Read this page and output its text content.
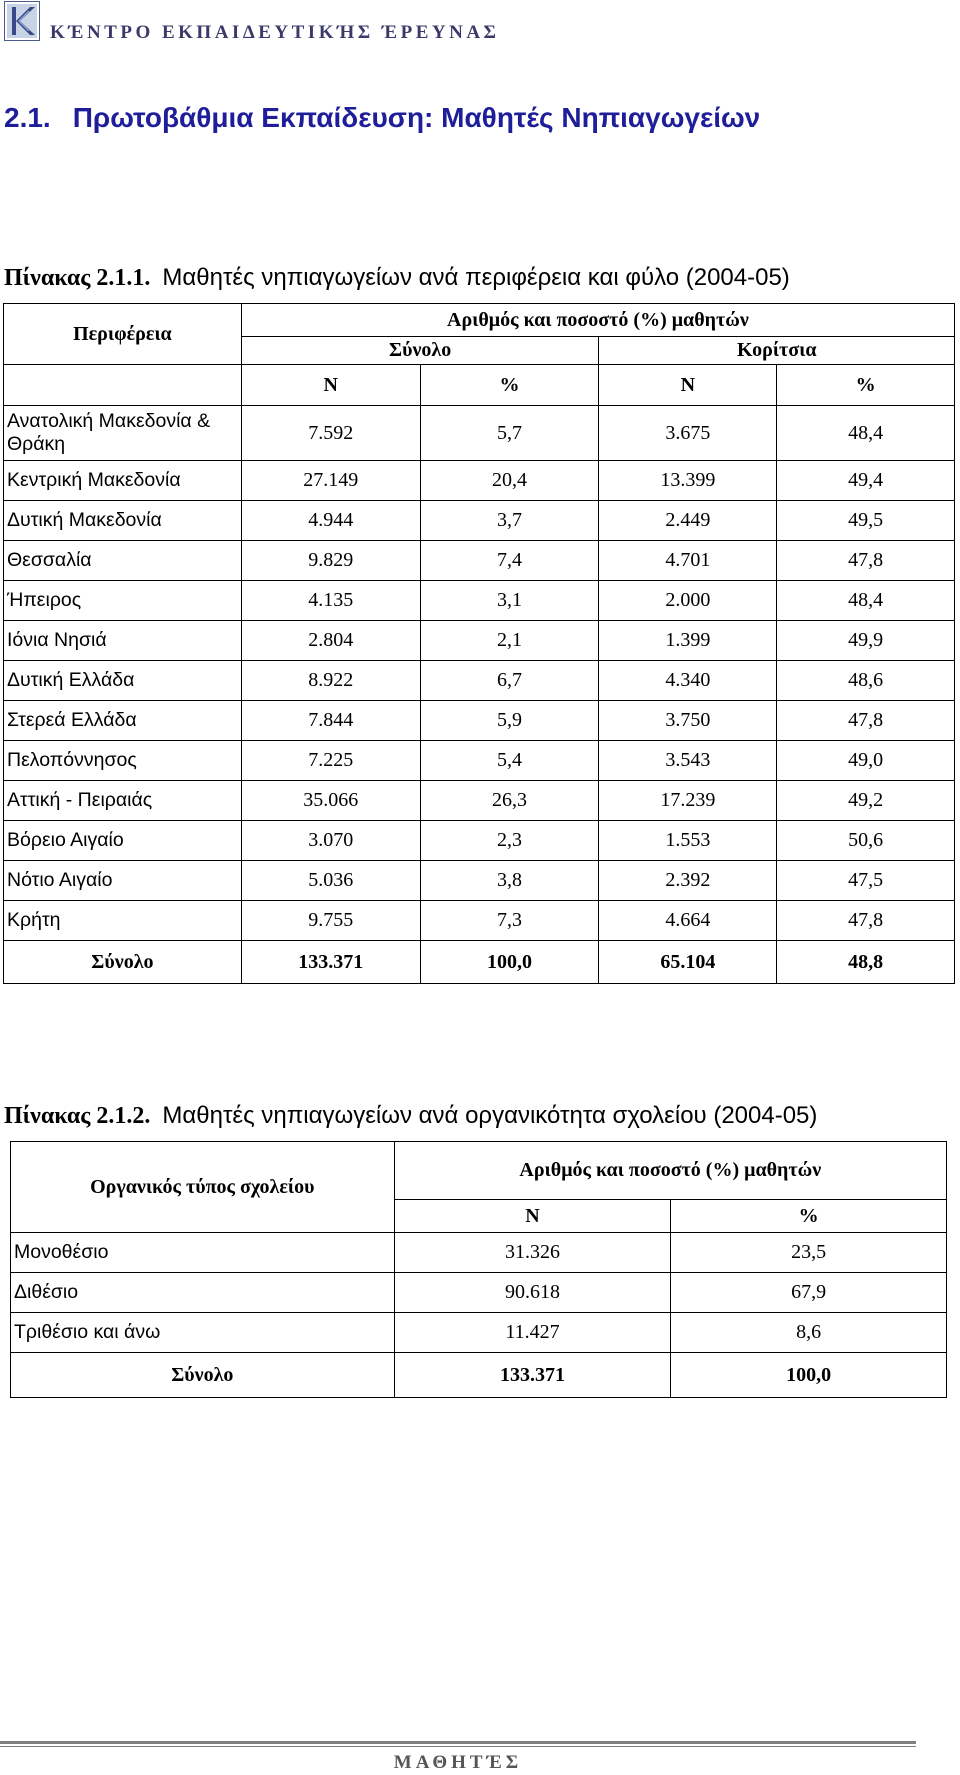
ΚΈΝΤΡΟ ΕΚΠΑΙΔΕΥΤΙΚΉΣ ΈΡΕΥΝΑΣ
2.1. Πρωτοβάθμια Εκπαίδευση: Μαθητές Νηπιαγωγείων
Πίνακας 2.1.1. Μαθητές νηπιαγωγείων ανά περιφέρεια και φύλο (2004-05)
Περιφέρεια	Αριθμός και ποσοστό (%) μαθητών			
	Σύνολο		Κορίτσια	
	N	%	N	%
Ανατολική Μακεδονία & Θράκη	7.592	5,7	3.675	48,4
Κεντρική Μακεδονία	27.149	20,4	13.399	49,4
Δυτική Μακεδονία	4.944	3,7	2.449	49,5
Θεσσαλία	9.829	7,4	4.701	47,8
Ήπειρος	4.135	3,1	2.000	48,4
Ιόνια Νησιά	2.804	2,1	1.399	49,9
Δυτική Ελλάδα	8.922	6,7	4.340	48,6
Στερεά Ελλάδα	7.844	5,9	3.750	47,8
Πελοπόννησος	7.225	5,4	3.543	49,0
Αττική - Πειραιάς	35.066	26,3	17.239	49,2
Βόρειο Αιγαίο	3.070	2,3	1.553	50,6
Νότιο Αιγαίο	5.036	3,8	2.392	47,5
Κρήτη	9.755	7,3	4.664	47,8
Σύνολο	133.371	100,0	65.104	48,8
Πίνακας 2.1.2. Μαθητές νηπιαγωγείων ανά οργανικότητα σχολείου (2004-05)
Οργανικός τύπος σχολείου	Αριθμός και ποσοστό (%) μαθητών	
	N	%
Μονοθέσιο	31.326	23,5
Διθέσιο	90.618	67,9
Τριθέσιο και άνω	11.427	8,6
Σύνολο	133.371	100,0
ΜΑΘΗΤΈΣ
